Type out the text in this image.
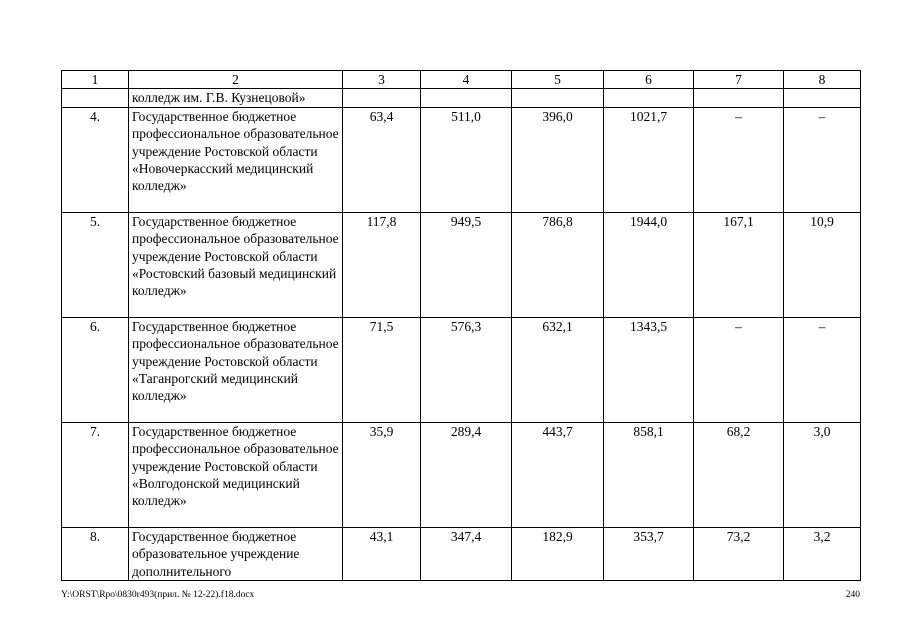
1	2	3	4	5	6	7	8
	колледж им. Г.В. Кузнецовой»						
4.	Государственное бюджетное профессиональное образовательное учреждение Ростовской области «Новочеркасский медицинский колледж»	63,4	511,0	396,0	1021,7	–	–
5.	Государственное бюджетное профессиональное образовательное учреждение Ростовской области «Ростовский базовый медицинский колледж»	117,8	949,5	786,8	1944,0	167,1	10,9
6.	Государственное бюджетное профессиональное образовательное учреждение Ростовской области «Таганрогский медицинский колледж»	71,5	576,3	632,1	1343,5	–	–
7.	Государственное бюджетное профессиональное образовательное учреждение Ростовской области «Волгодонской медицинский колледж»	35,9	289,4	443,7	858,1	68,2	3,0
8.	Государственное бюджетное образовательное учреждение дополнительного	43,1	347,4	182,9	353,7	73,2	3,2
Y:\ORST\Rpo\0830r493(прил. № 12-22).f18.docx	240
